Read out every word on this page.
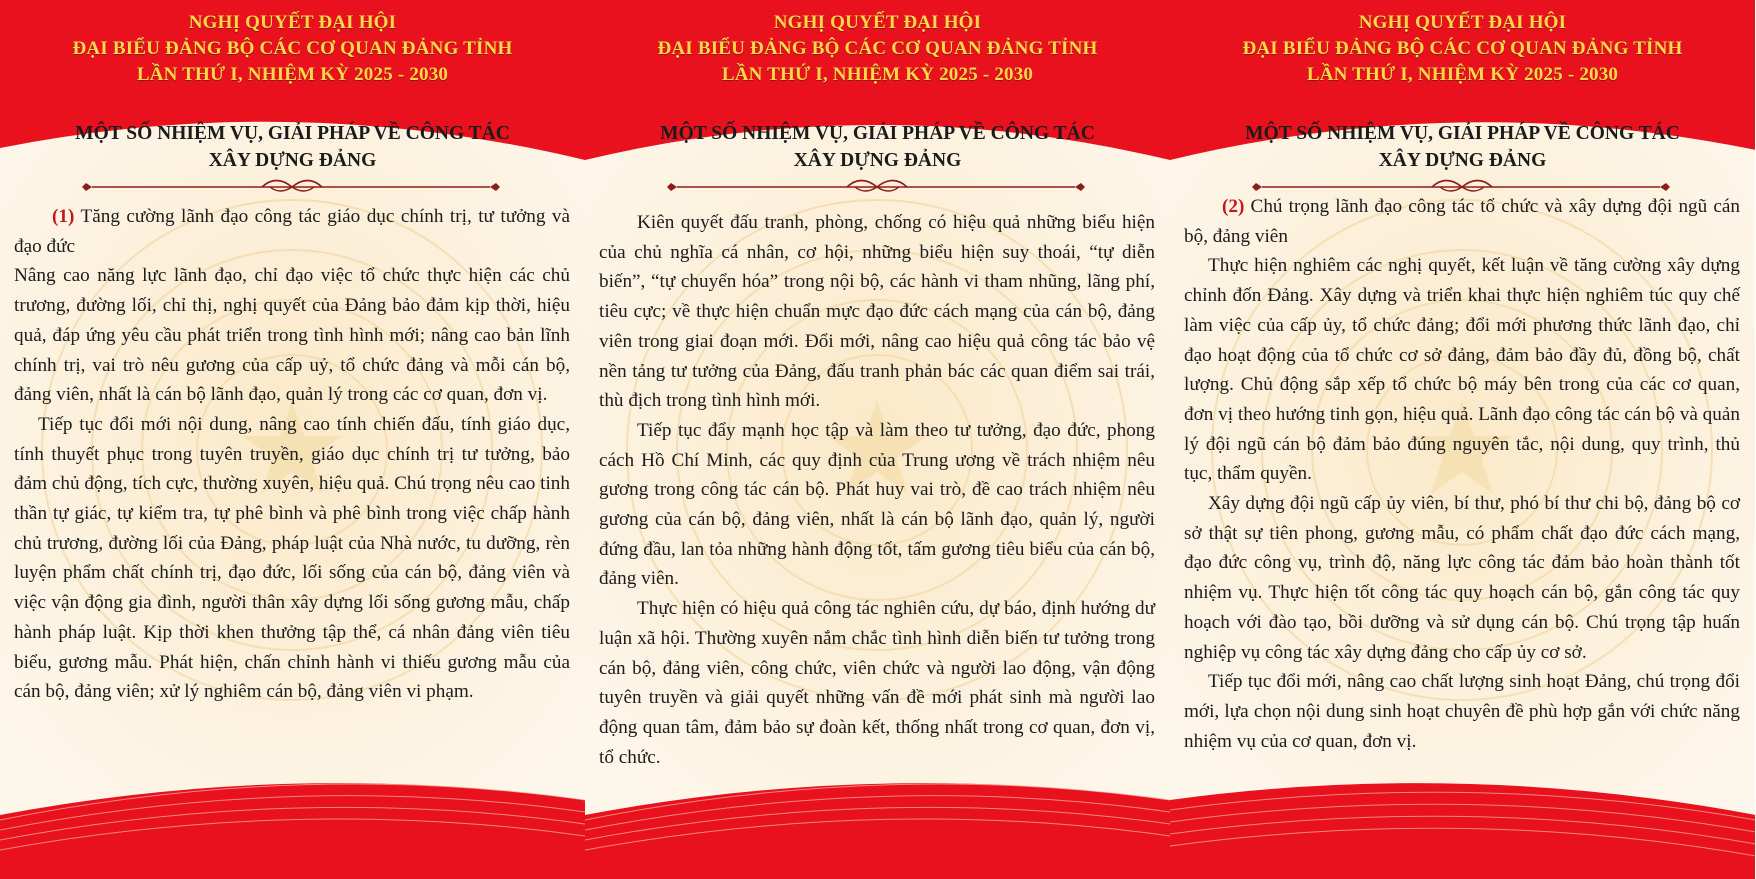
NGHỊ QUYẾT ĐẠI HỘI
ĐẠI BIỂU ĐẢNG BỘ CÁC CƠ QUAN ĐẢNG TỈNH
LẦN THỨ I, NHIỆM KỲ 2025 - 2030
MỘT SỐ NHIỆM VỤ, GIẢI PHÁP VỀ CÔNG TÁC
XÂY DỰNG ĐẢNG

(1) Tăng cường lãnh đạo công tác giáo dục chính trị, tư tưởng và đạo đức

Nâng cao năng lực lãnh đạo, chỉ đạo việc tổ chức thực hiện các chủ trương, đường lối, chỉ thị, nghị quyết của Đảng bảo đảm kịp thời, hiệu quả, đáp ứng yêu cầu phát triển trong tình hình mới; nâng cao bản lĩnh chính trị, vai trò nêu gương của cấp uỷ, tổ chức đảng và mỗi cán bộ, đảng viên, nhất là cán bộ lãnh đạo, quản lý trong các cơ quan, đơn vị.

Tiếp tục đổi mới nội dung, nâng cao tính chiến đấu, tính giáo dục, tính thuyết phục trong tuyên truyền, giáo dục chính trị tư tưởng, bảo đảm chủ động, tích cực, thường xuyên, hiệu quả. Chú trọng nêu cao tinh thần tự giác, tự kiểm tra, tự phê bình và phê bình trong việc chấp hành chủ trương, đường lối của Đảng, pháp luật của Nhà nước, tu dưỡng, rèn luyện phẩm chất chính trị, đạo đức, lối sống của cán bộ, đảng viên và việc vận động gia đình, người thân xây dựng lối sống gương mẫu, chấp hành pháp luật. Kịp thời khen thưởng tập thể, cá nhân đảng viên tiêu biểu, gương mẫu. Phát hiện, chấn chỉnh hành vi thiếu gương mẫu của cán bộ, đảng viên; xử lý nghiêm cán bộ, đảng viên vi phạm.

NGHỊ QUYẾT ĐẠI HỘI
ĐẠI BIỂU ĐẢNG BỘ CÁC CƠ QUAN ĐẢNG TỈNH
LẦN THỨ I, NHIỆM KỲ 2025 - 2030
MỘT SỐ NHIỆM VỤ, GIẢI PHÁP VỀ CÔNG TÁC
XÂY DỰNG ĐẢNG

Kiên quyết đấu tranh, phòng, chống có hiệu quả những biểu hiện của chủ nghĩa cá nhân, cơ hội, những biểu hiện suy thoái, “tự diễn biến”, “tự chuyển hóa” trong nội bộ, các hành vi tham nhũng, lãng phí, tiêu cực; về thực hiện chuẩn mực đạo đức cách mạng của cán bộ, đảng viên trong giai đoạn mới. Đổi mới, nâng cao hiệu quả công tác bảo vệ nền tảng tư tưởng của Đảng, đấu tranh phản bác các quan điểm sai trái, thù địch trong tình hình mới.

Tiếp tục đẩy mạnh học tập và làm theo tư tưởng, đạo đức, phong cách Hồ Chí Minh, các quy định của Trung ương về trách nhiệm nêu gương trong công tác cán bộ. Phát huy vai trò, đề cao trách nhiệm nêu gương của cán bộ, đảng viên, nhất là cán bộ lãnh đạo, quản lý, người đứng đầu, lan tỏa những hành động tốt, tấm gương tiêu biểu của cán bộ, đảng viên.

Thực hiện có hiệu quả công tác nghiên cứu, dự báo, định hướng dư luận xã hội. Thường xuyên nắm chắc tình hình diễn biến tư tưởng trong cán bộ, đảng viên, công chức, viên chức và người lao động, vận động tuyên truyền và giải quyết những vấn đề mới phát sinh mà người lao động quan tâm, đảm bảo sự đoàn kết, thống nhất trong cơ quan, đơn vị, tổ chức.

NGHỊ QUYẾT ĐẠI HỘI
ĐẠI BIỂU ĐẢNG BỘ CÁC CƠ QUAN ĐẢNG TỈNH
LẦN THỨ I, NHIỆM KỲ 2025 - 2030
MỘT SỐ NHIỆM VỤ, GIẢI PHÁP VỀ CÔNG TÁC
XÂY DỰNG ĐẢNG

(2) Chú trọng lãnh đạo công tác tổ chức và xây dựng đội ngũ cán bộ, đảng viên

Thực hiện nghiêm các nghị quyết, kết luận về tăng cường xây dựng chỉnh đốn Đảng. Xây dựng và triển khai thực hiện nghiêm túc quy chế làm việc của cấp ủy, tổ chức đảng; đổi mới phương thức lãnh đạo, chỉ đạo hoạt động của tổ chức cơ sở đảng, đảm bảo đầy đủ, đồng bộ, chất lượng. Chủ động sắp xếp tổ chức bộ máy bên trong của các cơ quan, đơn vị theo hướng tinh gọn, hiệu quả. Lãnh đạo công tác cán bộ và quản lý đội ngũ cán bộ đảm bảo đúng nguyên tắc, nội dung, quy trình, thủ tục, thẩm quyền.

Xây dựng đội ngũ cấp ủy viên, bí thư, phó bí thư chi bộ, đảng bộ cơ sở thật sự tiên phong, gương mẫu, có phẩm chất đạo đức cách mạng, đạo đức công vụ, trình độ, năng lực công tác đảm bảo hoàn thành tốt nhiệm vụ. Thực hiện tốt công tác quy hoạch cán bộ, gắn công tác quy hoạch với đào tạo, bồi dưỡng và sử dụng cán bộ. Chú trọng tập huấn nghiệp vụ công tác xây dựng đảng cho cấp ủy cơ sở.

Tiếp tục đổi mới, nâng cao chất lượng sinh hoạt Đảng, chú trọng đổi mới, lựa chọn nội dung sinh hoạt chuyên đề phù hợp gắn với chức năng nhiệm vụ của cơ quan, đơn vị.
